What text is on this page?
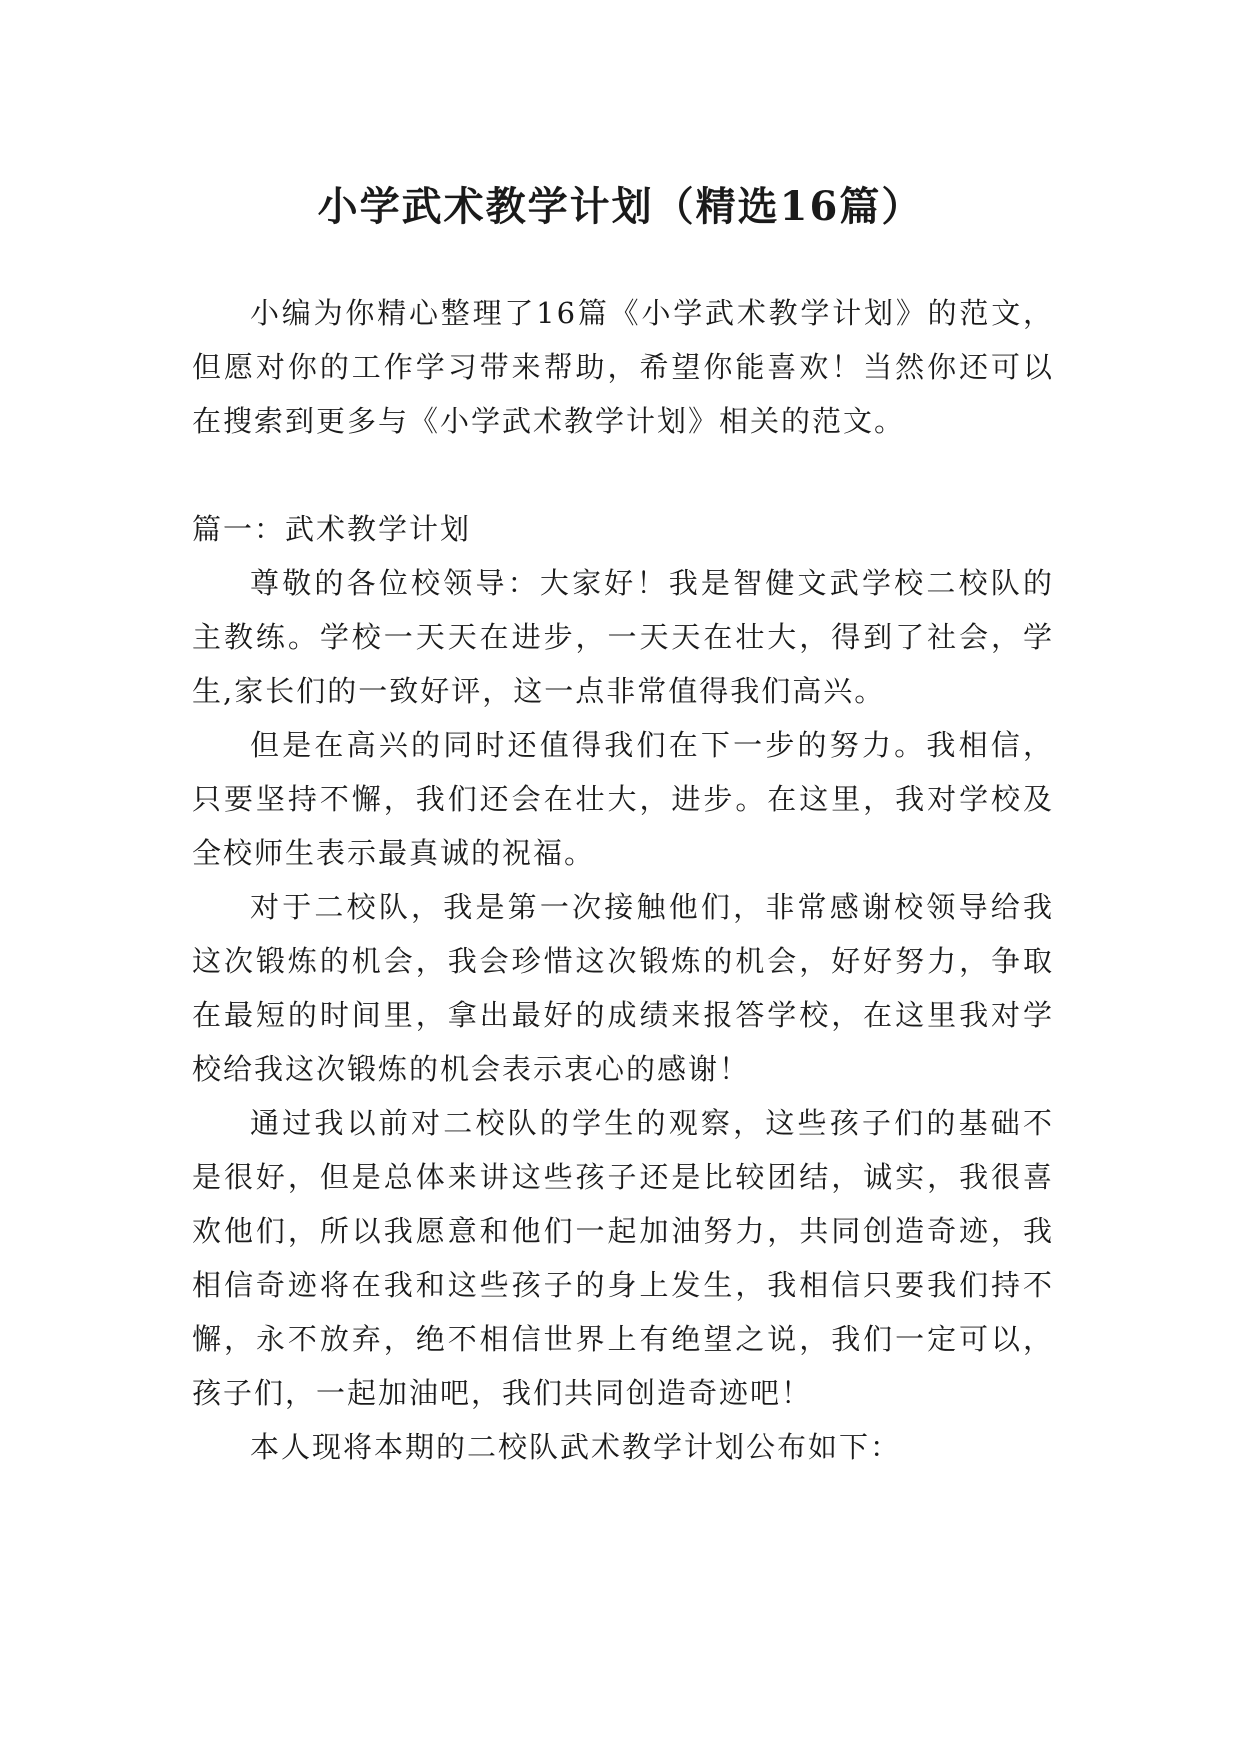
小学武术教学计划（精选16篇）

小编为你精心整理了16篇《小学武术教学计划》的范文，但愿对你的工作学习带来帮助，希望你能喜欢！当然你还可以在搜索到更多与《小学武术教学计划》相关的范文。

篇一：武术教学计划

尊敬的各位校领导：大家好！我是智健文武学校二校队的主教练。学校一天天在进步，一天天在壮大，得到了社会，学生,家长们的一致好评，这一点非常值得我们高兴。

但是在高兴的同时还值得我们在下一步的努力。我相信，只要坚持不懈，我们还会在壮大，进步。在这里，我对学校及全校师生表示最真诚的祝福。

对于二校队，我是第一次接触他们，非常感谢校领导给我这次锻炼的机会，我会珍惜这次锻炼的机会，好好努力，争取在最短的时间里，拿出最好的成绩来报答学校，在这里我对学校给我这次锻炼的机会表示衷心的感谢！

通过我以前对二校队的学生的观察，这些孩子们的基础不是很好，但是总体来讲这些孩子还是比较团结，诚实，我很喜欢他们，所以我愿意和他们一起加油努力，共同创造奇迹，我相信奇迹将在我和这些孩子的身上发生，我相信只要我们持不懈，永不放弃，绝不相信世界上有绝望之说，我们一定可以，孩子们，一起加油吧，我们共同创造奇迹吧！

本人现将本期的二校队武术教学计划公布如下：
